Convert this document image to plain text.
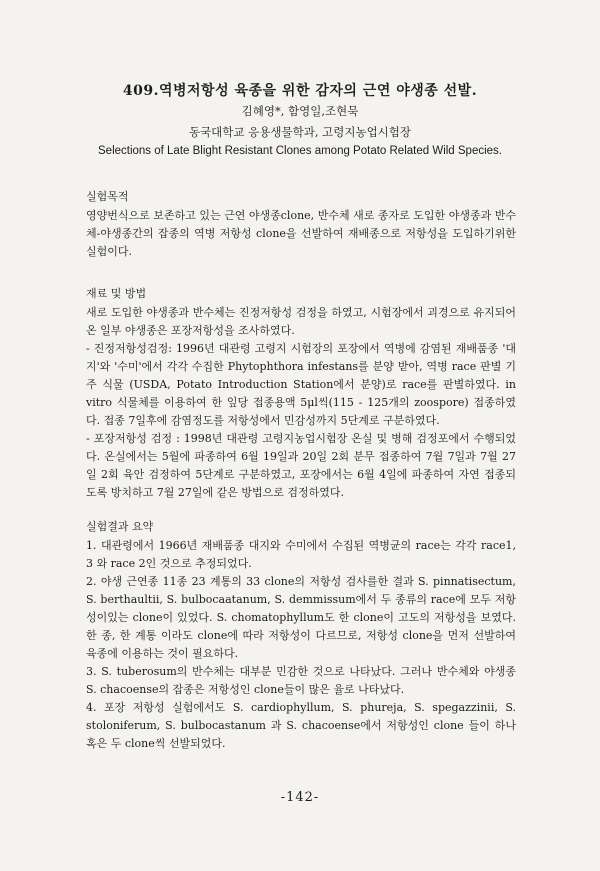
409.역병저항성 육종을 위한 감자의 근연 야생종 선발.
김혜영*, 함영일,조현묵
동국대학교 응용생물학과, 고령지농업시험장
Selections of Late Blight Resistant Clones among Potato Related Wild Species.
실험목적

영양번식으로 보존하고 있는 근연 야생종clone, 반수체 새로 종자로 도입한 야생종과 반수체-야생종간의 잡종의 역병 저항성 clone을 선발하여 재배종으로 저항성을 도입하기위한 실험이다.

재료 및 방법

새로 도입한 야생종과 반수체는 진정저항성 검정을 하였고, 시험장에서 괴경으로 유지되어온 일부 야생종은 포장저항성을 조사하였다.

- 진정저항성검정: 1996년 대관령 고령지 시험장의 포장에서 역병에 감염된 재배품종 '대지'와 '수미'에서 각각 수집한 Phytophthora infestans를 분양 받아, 역병 race 판별 기주 식물 (USDA, Potato Introduction Station에서 분양)로 race를 판별하였다. in vitro 식물체를 이용하여 한 잎당 접종용액 5μl씩(115 - 125개의 zoospore) 접종하였다. 접종 7일후에 감염정도를 저항성에서 민감성까지 5단계로 구분하였다.

- 포장저항성 검정 : 1998년 대관령 고령지농업시험장 온실 및 병해 검정포에서 수행되었다. 온실에서는 5월에 파종하여 6월 19일과 20일 2회 분무 접종하여 7월 7일과 7월 27일 2회 육안 검정하여 5단계로 구분하였고, 포장에서는 6월 4일에 파종하여 자연 접종되도록 방치하고 7월 27일에 같은 방법으로 검정하였다.

실험결과 요약

1. 대관령에서 1966년 재배품종 대지와 수미에서 수집된 역병균의 race는 각각 race1, 3 와 race 2인 것으로 추정되었다.

2. 야생 근연종 11종 23 계통의 33 clone의 저항성 검사를한 결과 S. pinnatisectum, S. berthaultii, S. bulbocaatanum, S. demmissum에서 두 종류의 race에 모두 저항성이있는 clone이 있었다. S. chomatophyllum도 한 clone이 고도의 저항성을 보였다. 한 종, 한 계통 이라도 clone에 따라 저항성이 다르므로, 저항성 clone을 먼저 선발하여 육종에 이용하는 것이 필요하다.

3. S. tuberosum의 반수체는 대부분 민감한 것으로 나타났다. 그러나 반수체와 야생종 S. chacoense의 잡종은 저항성인 clone들이 많은 율로 나타났다.

4. 포장 저항성 실험에서도 S. cardiophyllum, S. phureja, S. spegazzinii, S. stoloniferum, S. bulbocastanum 과 S. chacoense에서 저항성인 clone 들이 하나 혹은 두 clone씩 선발되었다.

-142-
